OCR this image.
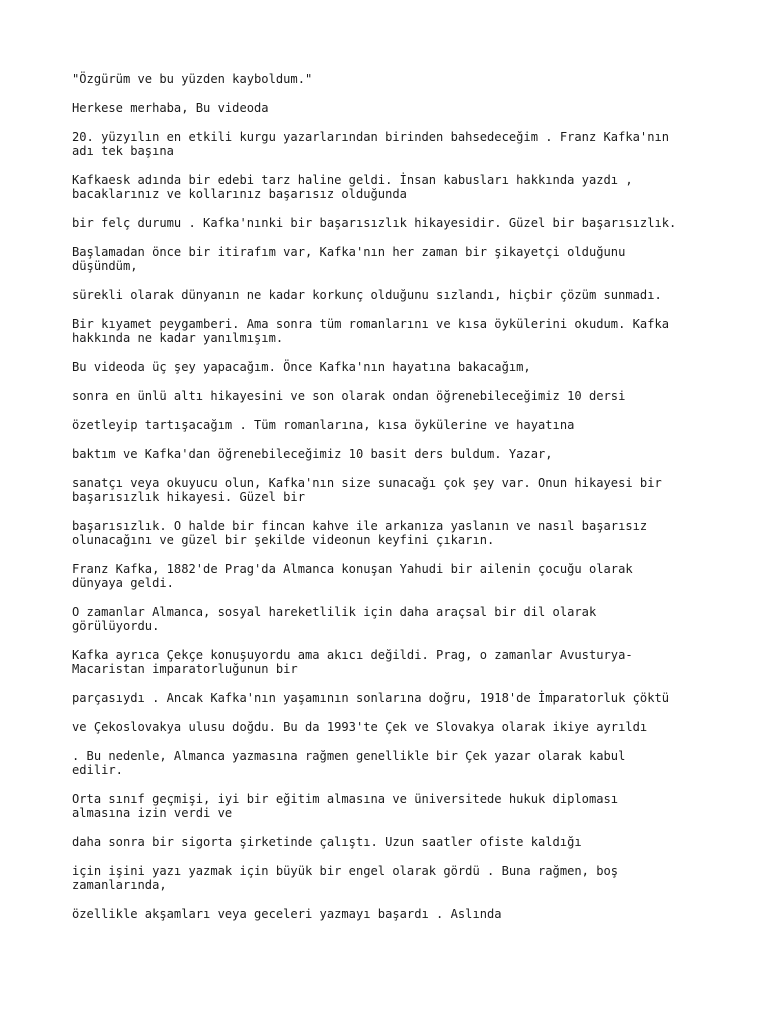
"Özgürüm ve bu yüzden kayboldum."

Herkese merhaba, Bu videoda

20. yüzyılın en etkili kurgu yazarlarından birinden bahsedeceğim . Franz Kafka'nın
adı tek başına

Kafkaesk adında bir edebi tarz haline geldi. İnsan kabusları hakkında yazdı ,
bacaklarınız ve kollarınız başarısız olduğunda

bir felç durumu . Kafka'nınki bir başarısızlık hikayesidir. Güzel bir başarısızlık.

Başlamadan önce bir itirafım var, Kafka'nın her zaman bir şikayetçi olduğunu
düşündüm,

sürekli olarak dünyanın ne kadar korkunç olduğunu sızlandı, hiçbir çözüm sunmadı.

Bir kıyamet peygamberi. Ama sonra tüm romanlarını ve kısa öykülerini okudum. Kafka
hakkında ne kadar yanılmışım.

Bu videoda üç şey yapacağım. Önce Kafka'nın hayatına bakacağım,

sonra en ünlü altı hikayesini ve son olarak ondan öğrenebileceğimiz 10 dersi

özetleyip tartışacağım . Tüm romanlarına, kısa öykülerine ve hayatına

baktım ve Kafka'dan öğrenebileceğimiz 10 basit ders buldum. Yazar,

sanatçı veya okuyucu olun, Kafka'nın size sunacağı çok şey var. Onun hikayesi bir
başarısızlık hikayesi. Güzel bir

başarısızlık. O halde bir fincan kahve ile arkanıza yaslanın ve nasıl başarısız
olunacağını ve güzel bir şekilde videonun keyfini çıkarın.

Franz Kafka, 1882'de Prag'da Almanca konuşan Yahudi bir ailenin çocuğu olarak
dünyaya geldi.

O zamanlar Almanca, sosyal hareketlilik için daha araçsal bir dil olarak
görülüyordu.

Kafka ayrıca Çekçe konuşuyordu ama akıcı değildi. Prag, o zamanlar Avusturya-
Macaristan imparatorluğunun bir

parçasıydı . Ancak Kafka'nın yaşamının sonlarına doğru, 1918'de İmparatorluk çöktü

ve Çekoslovakya ulusu doğdu. Bu da 1993'te Çek ve Slovakya olarak ikiye ayrıldı

. Bu nedenle, Almanca yazmasına rağmen genellikle bir Çek yazar olarak kabul
edilir.

Orta sınıf geçmişi, iyi bir eğitim almasına ve üniversitede hukuk diploması
almasına izin verdi ve

daha sonra bir sigorta şirketinde çalıştı. Uzun saatler ofiste kaldığı

için işini yazı yazmak için büyük bir engel olarak gördü . Buna rağmen, boş
zamanlarında,

özellikle akşamları veya geceleri yazmayı başardı . Aslında
